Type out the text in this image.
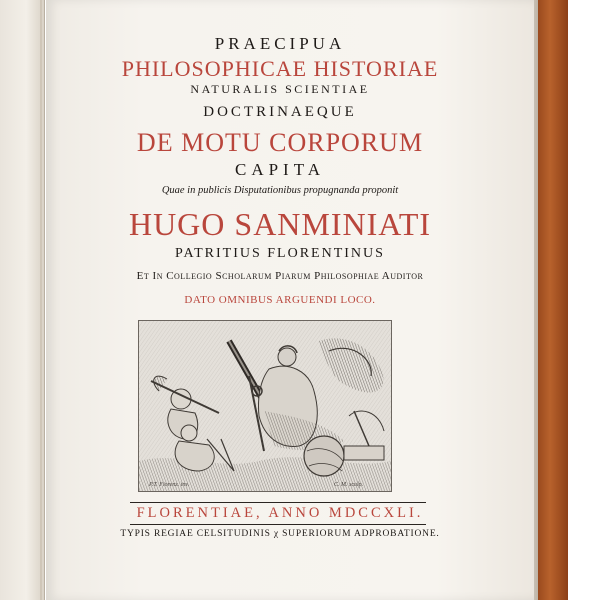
PRAECIPUA
PHILOSOPHICAE HISTORIAE
NATURALIS SCIENTIAE
DOCTRINAEQUE
DE MOTU CORPORUM
CAPITA
Quae in publicis Disputationibus propugnanda proponit
HUGO SANMINIATI
PATRITIUS FLORENTINUS
Et In Collegio Scholarum Piarum Philosophiae Auditor
DATO OMNIBUS ARGUENDI LOCO.
P.T. Fiorenz. inv.	C. M. sculp.
FLORENTIAE, ANNO MDCCXLI.
TYPIS REGIAE CELSITUDINIS χ SUPERIORUM ADPROBATIONE.
